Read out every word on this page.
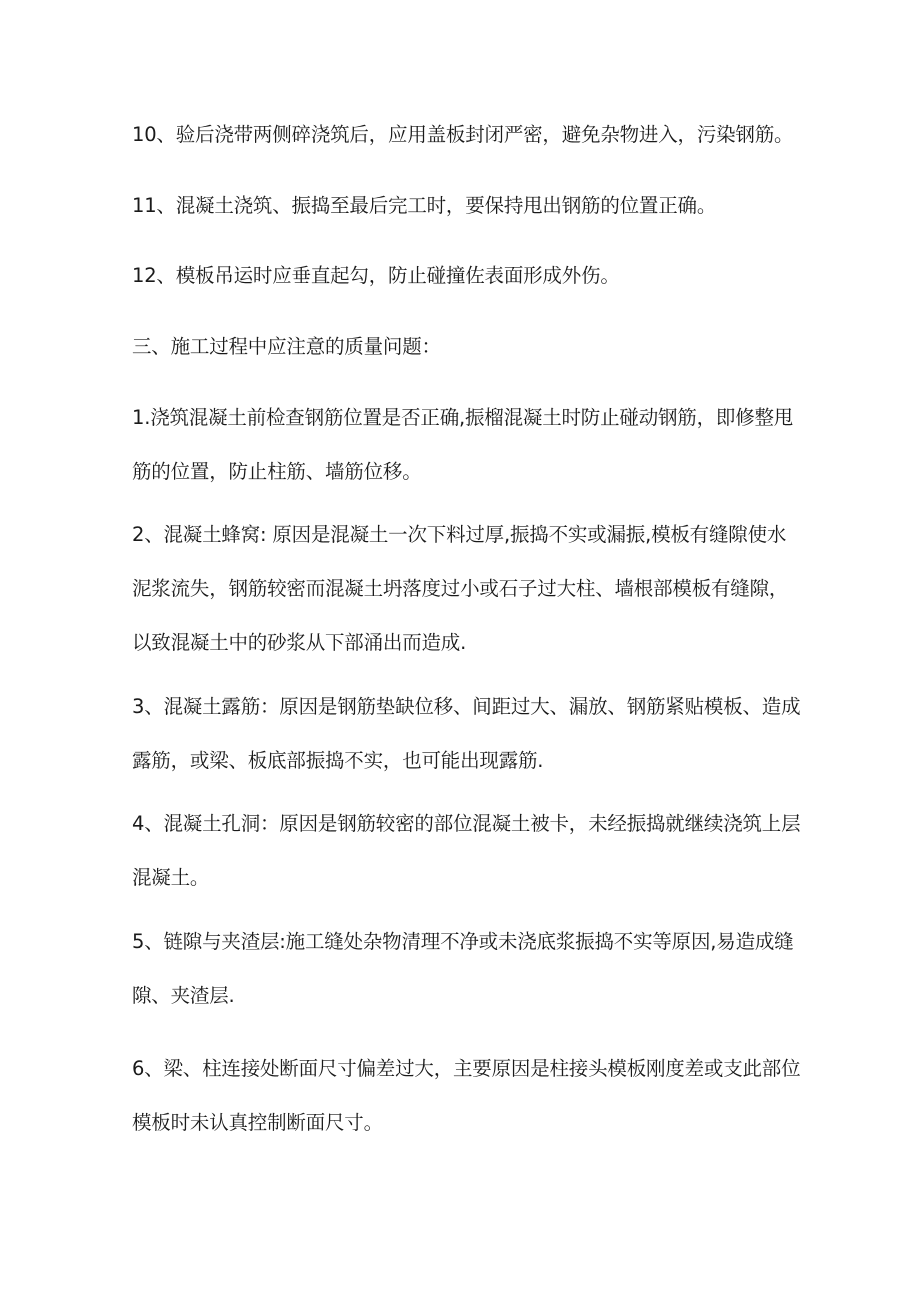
10、验后浇带两侧碎浇筑后，应用盖板封闭严密，避免杂物进入，污染钢筋。

11、混凝土浇筑、振捣至最后完工时，要保持甩出钢筋的位置正确。

12、模板吊运时应垂直起勾，防止碰撞佐表面形成外伤。

三、施工过程中应注意的质量问题：

1.浇筑混凝土前检查钢筋位置是否正确,振榴混凝土时防止碰动钢筋，即修整甩筋的位置，防止柱筋、墙筋位移。

2、混凝土蜂窝: 原因是混凝土一次下料过厚,振捣不实或漏振,模板有缝隙使水泥浆流失，钢筋较密而混凝土坍落度过小或石子过大柱、墙根部模板有缝隙，以致混凝土中的砂浆从下部涌出而造成.

3、混凝土露筋：原因是钢筋垫缺位移、间距过大、漏放、钢筋紧贴模板、造成露筋，或梁、板底部振捣不实，也可能出现露筋.

4、混凝土孔洞：原因是钢筋较密的部位混凝土被卡，未经振捣就继续浇筑上层混凝土。

5、链隙与夹渣层:施工缝处杂物清理不净或未浇底浆振捣不实等原因,易造成缝隙、夹渣层.

6、梁、柱连接处断面尺寸偏差过大，主要原因是柱接头模板刚度差或支此部位模板时未认真控制断面尺寸。
